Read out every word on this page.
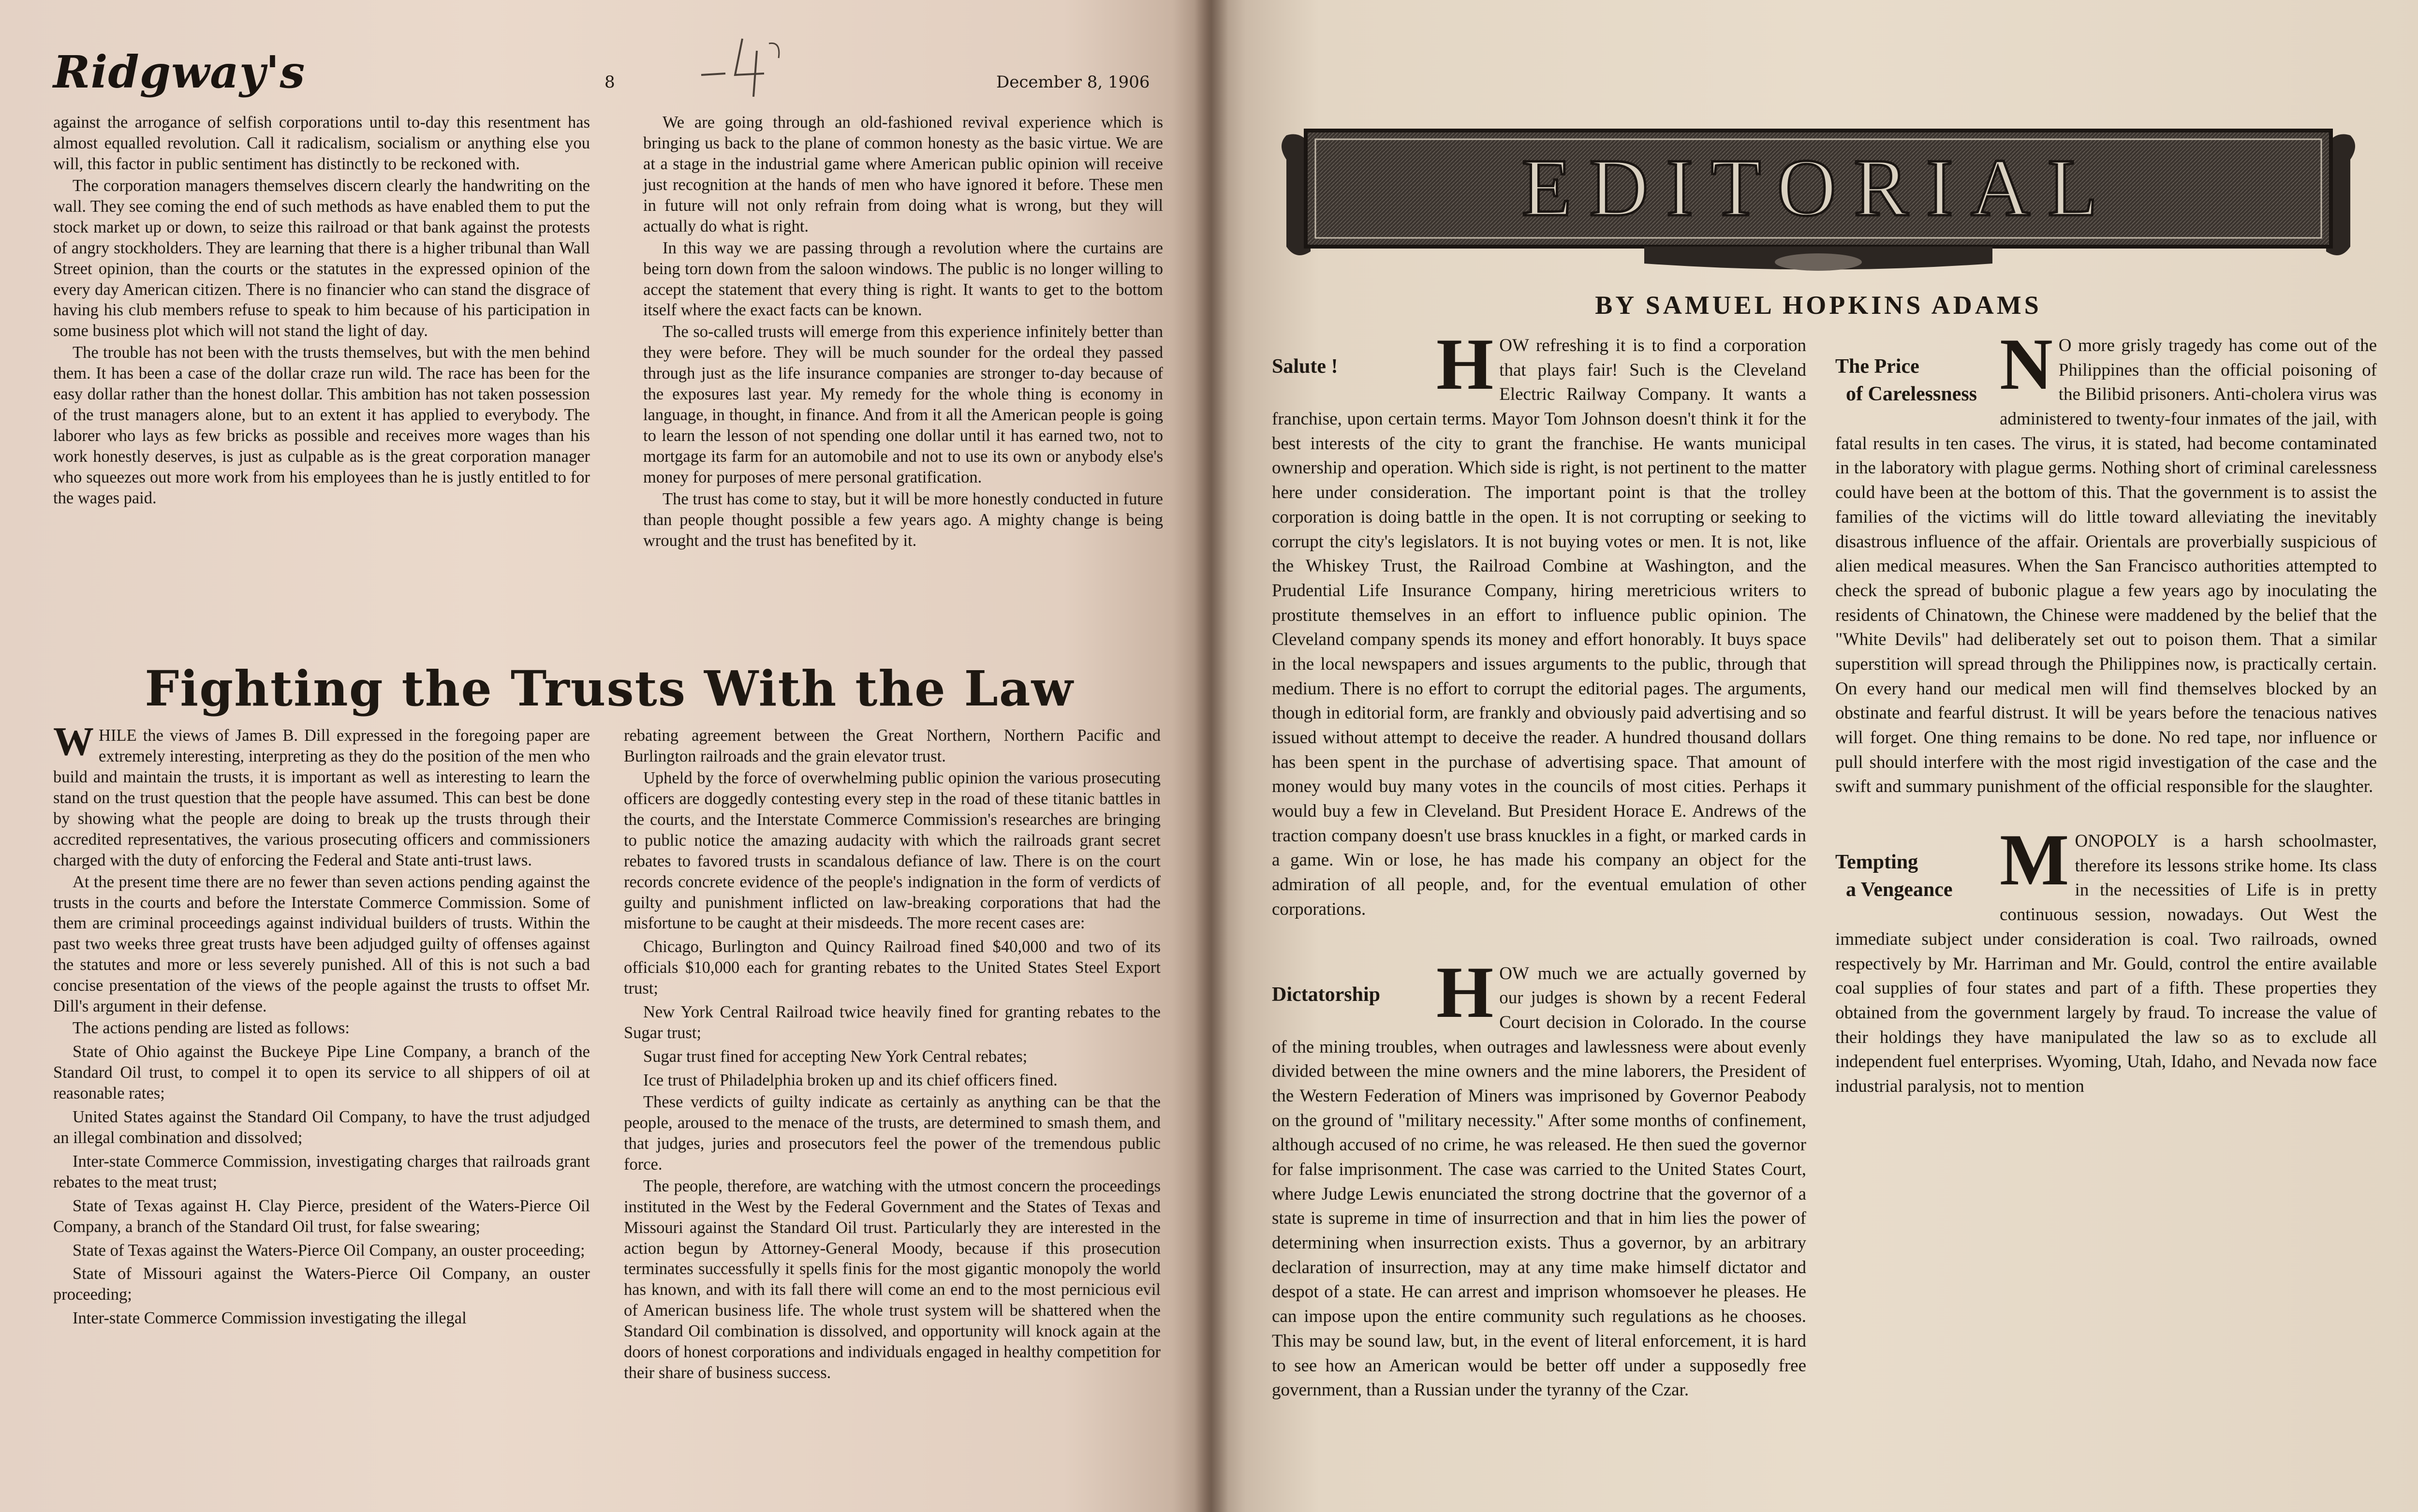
Ridgway's	8	December 8, 1906

against the arrogance of selfish corporations until to-day this resentment has almost equalled revolution. Call it radicalism, socialism or anything else you will, this factor in public sentiment has distinctly to be reckoned with.

The corporation managers themselves discern clearly the handwriting on the wall. They see coming the end of such methods as have enabled them to put the stock market up or down, to seize this railroad or that bank against the protests of angry stockholders. They are learning that there is a higher tribunal than Wall Street opinion, than the courts or the statutes in the expressed opinion of the every day American citizen. There is no financier who can stand the disgrace of having his club members refuse to speak to him because of his participation in some business plot which will not stand the light of day.

The trouble has not been with the trusts themselves, but with the men behind them. It has been a case of the dollar craze run wild. The race has been for the easy dollar rather than the honest dollar. This ambition has not taken possession of the trust managers alone, but to an extent it has applied to everybody. The laborer who lays as few bricks as possible and receives more wages than his work honestly deserves, is just as culpable as is the great corporation manager who squeezes out more work from his employees than he is justly entitled to for the wages paid.

We are going through an old-fashioned revival experience which is bringing us back to the plane of common honesty as the basic virtue. We are at a stage in the industrial game where American public opinion will receive just recognition at the hands of men who have ignored it before. These men in future will not only refrain from doing what is wrong, but they will actually do what is right.

In this way we are passing through a revolution where the curtains are being torn down from the saloon windows. The public is no longer willing to accept the statement that every thing is right. It wants to get to the bottom itself where the exact facts can be known.

The so-called trusts will emerge from this experience infinitely better than they were before. They will be much sounder for the ordeal they passed through just as the life insurance companies are stronger to-day because of the exposures last year. My remedy for the whole thing is economy in language, in thought, in finance. And from it all the American people is going to learn the lesson of not spending one dollar until it has earned two, not to mortgage its farm for an automobile and not to use its own or anybody else's money for purposes of mere personal gratification.

The trust has come to stay, but it will be more honestly conducted in future than people thought possible a few years ago. A mighty change is being wrought and the trust has benefited by it.

Fighting the Trusts With the Law

WHILE the views of James B. Dill expressed in the foregoing paper are extremely interesting, interpreting as they do the position of the men who build and maintain the trusts, it is important as well as interesting to learn the stand on the trust question that the people have assumed. This can best be done by showing what the people are doing to break up the trusts through their accredited representatives, the various prosecuting officers and commissioners charged with the duty of enforcing the Federal and State anti-trust laws.

At the present time there are no fewer than seven actions pending against the trusts in the courts and before the Interstate Commerce Commission. Some of them are criminal proceedings against individual builders of trusts. Within the past two weeks three great trusts have been adjudged guilty of offenses against the statutes and more or less severely punished. All of this is not such a bad concise presentation of the views of the people against the trusts to offset Mr. Dill's argument in their defense.

The actions pending are listed as follows:

State of Ohio against the Buckeye Pipe Line Company, a branch of the Standard Oil trust, to compel it to open its service to all shippers of oil at reasonable rates;

United States against the Standard Oil Company, to have the trust adjudged an illegal combination and dissolved;

Inter-state Commerce Commission, investigating charges that railroads grant rebates to the meat trust;

State of Texas against H. Clay Pierce, president of the Waters-Pierce Oil Company, a branch of the Standard Oil trust, for false swearing;

State of Texas against the Waters-Pierce Oil Company, an ouster proceeding;

State of Missouri against the Waters-Pierce Oil Company, an ouster proceeding;

Inter-state Commerce Commission investigating the illegal

rebating agreement between the Great Northern, Northern Pacific and Burlington railroads and the grain elevator trust.

Upheld by the force of overwhelming public opinion the various prosecuting officers are doggedly contesting every step in the road of these titanic battles in the courts, and the Interstate Commerce Commission's researches are bringing to public notice the amazing audacity with which the railroads grant secret rebates to favored trusts in scandalous defiance of law. There is on the court records concrete evidence of the people's indignation in the form of verdicts of guilty and punishment inflicted on law-breaking corporations that had the misfortune to be caught at their misdeeds. The more recent cases are:

Chicago, Burlington and Quincy Railroad fined $40,000 and two of its officials $10,000 each for granting rebates to the United States Steel Export trust;

New York Central Railroad twice heavily fined for granting rebates to the Sugar trust;

Sugar trust fined for accepting New York Central rebates;

Ice trust of Philadelphia broken up and its chief officers fined.

These verdicts of guilty indicate as certainly as anything can be that the people, aroused to the menace of the trusts, are determined to smash them, and that judges, juries and prosecutors feel the power of the tremendous public force.

The people, therefore, are watching with the utmost concern the proceedings instituted in the West by the Federal Government and the States of Texas and Missouri against the Standard Oil trust. Particularly they are interested in the action begun by Attorney-General Moody, because if this prosecution terminates successfully it spells finis for the most gigantic monopoly the world has known, and with its fall there will come an end to the most pernicious evil of American business life. The whole trust system will be shattered when the Standard Oil combination is dissolved, and opportunity will knock again at the doors of honest corporations and individuals engaged in healthy competition for their share of business success.

EDITORIAL
BY SAMUEL HOPKINS ADAMS
Salute !	HOW refreshing it is to find a corporation that plays fair! Such is the Cleveland Electric Railway Company. It wants a franchise, upon certain terms. Mayor Tom Johnson doesn't think it for the best interests of the city to grant the franchise. He wants municipal ownership and operation. Which side is right, is not pertinent to the matter here under consideration. The important point is that the trolley corporation is doing battle in the open. It is not corrupting or seeking to corrupt the city's legislators. It is not buying votes or men. It is not, like the Whiskey Trust, the Railroad Combine at Washington, and the Prudential Life Insurance Company, hiring meretricious writers to prostitute themselves in an effort to influence public opinion. The Cleveland company spends its money and effort honorably. It buys space in the local newspapers and issues arguments to the public, through that medium. There is no effort to corrupt the editorial pages. The arguments, though in editorial form, are frankly and obviously paid advertising and so issued without attempt to deceive the reader. A hundred thousand dollars has been spent in the purchase of advertising space. That amount of money would buy many votes in the councils of most cities. Perhaps it would buy a few in Cleveland. But President Horace E. Andrews of the traction company doesn't use brass knuckles in a fight, or marked cards in a game. Win or lose, he has made his company an object for the admiration of all people, and, for the eventual emulation of other corporations.

Dictatorship HOW much we are actually governed by our judges is shown by a recent Federal Court decision in Colorado. In the course of the mining troubles, when outrages and lawlessness were about evenly divided between the mine owners and the mine laborers, the President of the Western Federation of Miners was imprisoned by Governor Peabody on the ground of "military necessity." After some months of confinement, although accused of no crime, he was released. He then sued the governor for false imprisonment. The case was carried to the United States Court, where Judge Lewis enunciated the strong doctrine that the governor of a state is supreme in time of insurrection and that in him lies the power of determining when insurrection exists. Thus a governor, by an arbitrary declaration of insurrection, may at any time make himself dictator and despot of a state. He can arrest and imprison whomsoever he pleases. He can impose upon the entire community such regulations as he chooses. This may be sound law, but, in the event of literal enforcement, it is hard to see how an American would be better off under a supposedly free government, than a Russian under the tyranny of the Czar.

The Price
of Carelessness N O more grisly tragedy has come out of the Philippines than the official poisoning of the Bilibid prisoners. Anti-cholera virus was administered to twenty-four inmates of the jail, with fatal results in ten cases. The virus, it is stated, had become contaminated in the laboratory with plague germs. Nothing short of criminal carelessness could have been at the bottom of this. That the government is to assist the families of the victims will do little toward alleviating the inevitably disastrous influence of the affair. Orientals are proverbially suspicious of alien medical measures. When the San Francisco authorities attempted to check the spread of bubonic plague a few years ago by inoculating the residents of Chinatown, the Chinese were maddened by the belief that the "White Devils" had deliberately set out to poison them. That a similar superstition will spread through the Philippines now, is practically certain. On every hand our medical men will find themselves blocked by an obstinate and fearful distrust. It will be years before the tenacious natives will forget. One thing remains to be done. No red tape, nor influence or pull should interfere with the most rigid investigation of the case and the swift and summary punishment of the official responsible for the slaughter.

Tempting
a Vengeance MONOPOLY is a harsh schoolmaster, therefore its lessons strike home. Its class in the necessities of Life is in pretty continuous session, nowadays. Out West the immediate subject under consideration is coal. Two railroads, owned respectively by Mr. Harriman and Mr. Gould, control the entire available coal supplies of four states and part of a fifth. These properties they obtained from the government largely by fraud. To increase the value of their holdings they have manipulated the law so as to exclude all independent fuel enterprises. Wyoming, Utah, Idaho, and Nevada now face industrial paralysis, not to mention
